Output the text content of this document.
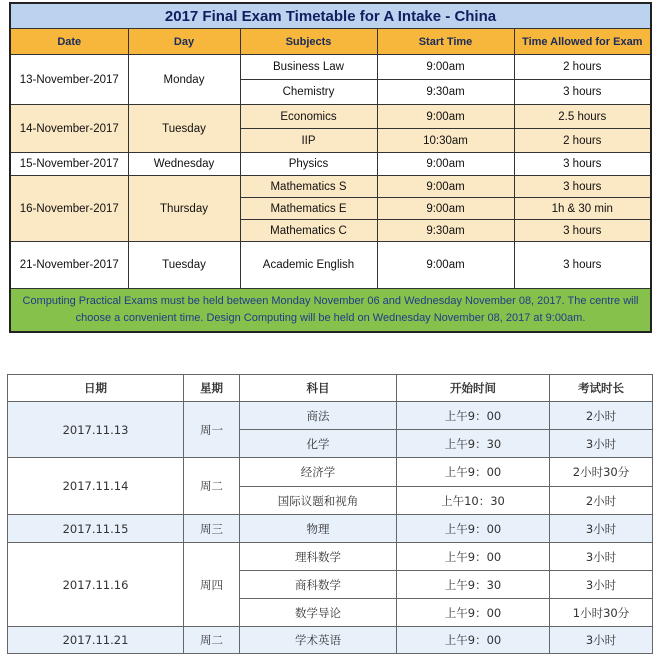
2017 Final Exam Timetable for A Intake - China				
Date	Day	Subjects	Start Time	Time Allowed for Exam
13-November-2017	Monday	Business Law	9:00am	2 hours
		Chemistry	9:30am	3 hours
14-November-2017	Tuesday	Economics	9:00am	2.5 hours
		IIP	10:30am	2 hours
15-November-2017	Wednesday	Physics	9:00am	3 hours
16-November-2017	Thursday	Mathematics S	9:00am	3 hours
		Mathematics E	9:00am	1h & 30 min
		Mathematics C	9:30am	3 hours
21-November-2017	Tuesday	Academic English	9:00am	3 hours
Computing Practical Exams must be held between Monday November 06 and Wednesday November 08, 2017. The centre will choose a convenient time. Design Computing will be held on Wednesday November 08, 2017 at 9:00am.				
日期	星期	科目	开始时间	考试时长
2017.11.13	周一	商法	上午9：00	2小时
		化学	上午9：30	3小时
2017.11.14	周二	经济学	上午9：00	2小时30分
		国际议题和视角	上午10：30	2小时
2017.11.15	周三	物理	上午9：00	3小时
2017.11.16	周四	理科数学	上午9：00	3小时
		商科数学	上午9：30	3小时
		数学导论	上午9：00	1小时30分
2017.11.21	周二	学术英语	上午9：00	3小时
